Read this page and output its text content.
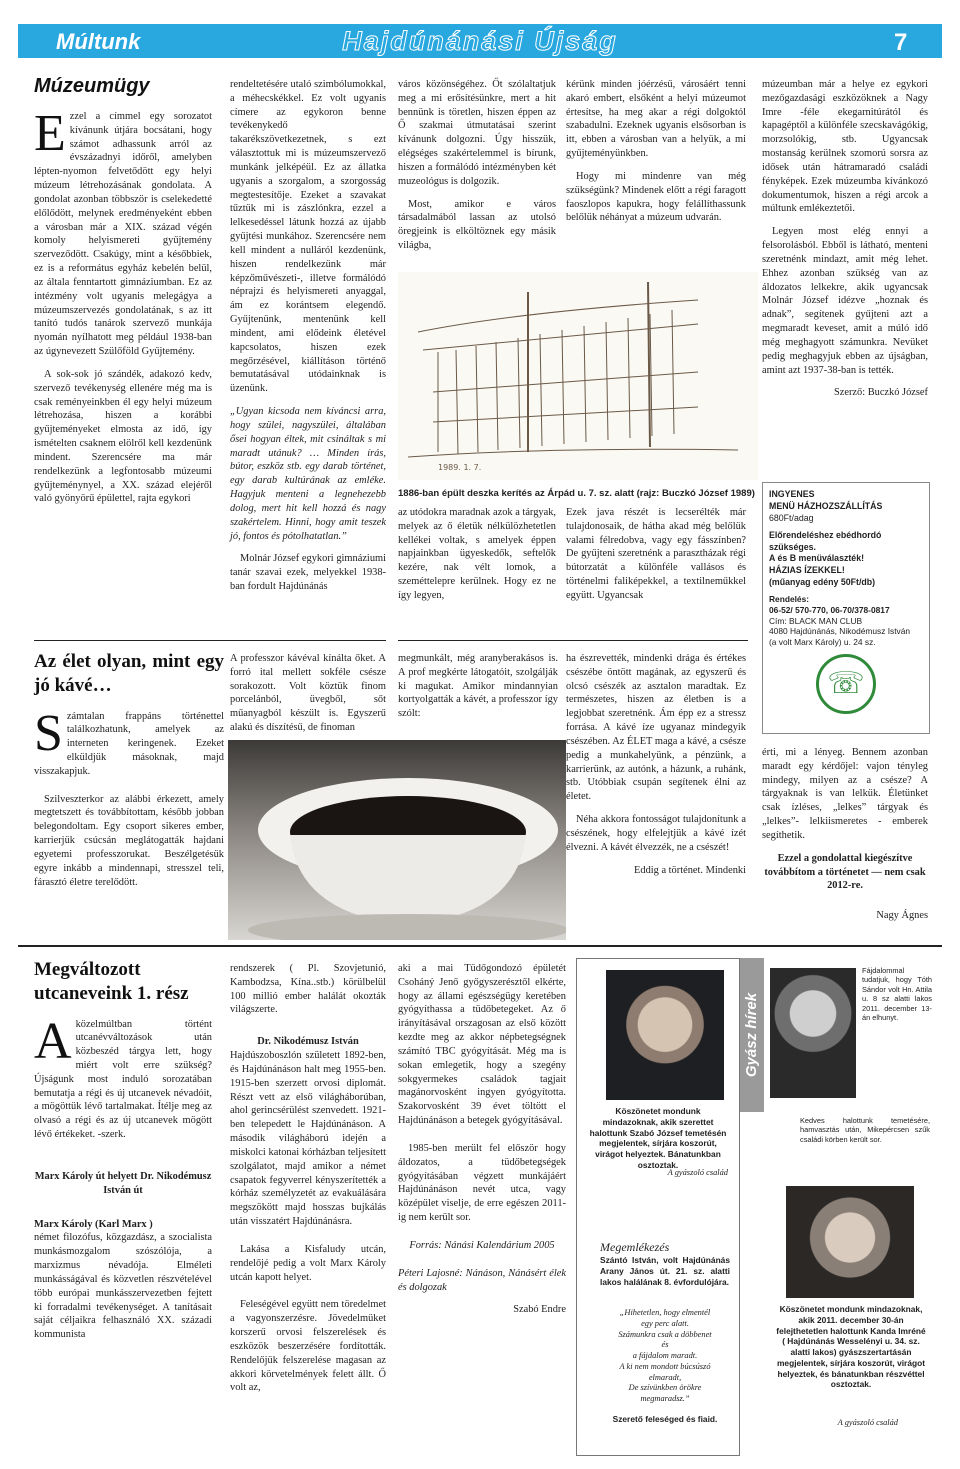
Múltunk	Hajdúnánási Újság	7
Múzeumügy

Ezzel a címmel egy sorozatot kívánunk útjára bocsátani, hogy számot adhassunk arról az évszázadnyi időről, amelyben lépten-nyomon felvetődött egy helyi múzeum létrehozásának gondolata. A gondolat azonban többször is cselekedetté előlődött, melynek eredményeként ebben a városban már a XIX. század végén komoly helyismereti gyűjtemény szerveződött. Csakúgy, mint a későbbiek, ez is a református egyház kebelén belül, az általa fenntartott gimnáziumban. Ez az intézmény volt ugyanis melegágya a múzeumszervezés gondolatának, s az itt tanító tudós tanárok szervező munkája nyomán nyílhatott meg például 1938-ban az úgynevezett Szülőföld Gyűjtemény.

A sok-sok jó szándék, adakozó kedv, szervező tevékenység ellenére még ma is csak reményeinkben él egy helyi múzeum létrehozása, hiszen a korábbi gyűjteményeket elmosta az idő, így ismételten csaknem elölről kell kezdenünk mindent. Szerencsére ma már rendelkezünk a legfontosabb múzeumi gyűjteménynyel, a XX. század elejéről való gyönyörű épülettel, rajta egykori

rendeltetésére utaló szimbólumokkal, a méhecskékkel. Ez volt ugyanis címere az egykoron benne tevékenykedő takarékszövetkezetnek, s ezt választottuk mi is múzeumszervező munkánk jelképéül. Ez az állatka ugyanis a szorgalom, a szorgosság megtestesítője. Ezeket a szavakat tűztük mi is zászlónkra, ezzel a lelkesedéssel látunk hozzá az újabb gyűjtési munkához. Szerencsére nem kell mindent a nulláról kezdenünk, hiszen rendelkezünk már képzőművészeti-, illetve formálódó néprajzi és helyismereti anyaggal, ám ez korántsem elegendő. Gyűjtenünk, mentenünk kell mindent, ami elődeink életével kapcsolatos, hiszen ezek megőrzésével, kiállításon történő bemutatásával utódainknak is üzenünk.

„Ugyan kicsoda nem kíváncsi arra, hogy szülei, nagyszülei, általában ősei hogyan éltek, mit csináltak s mi maradt utánuk? … Minden írás, bútor, eszköz stb. egy darab történet, egy darab kultúrának az emléke. Hagyjuk menteni a legnehezebb dolog, mert hit kell hozzá és nagy szakértelem. Hinni, hogy amit teszek jó, fontos és pótolhatatlan.”

Molnár József egykori gimnáziumi tanár szavai ezek, melyekkel 1938-ban fordult Hajdúnánás

város közönségéhez. Őt szólaltatjuk meg a mi erősítésünkre, mert a hit bennünk is töretlen, hiszen éppen az Ő szakmai útmutatásai szerint kívánunk dolgozni. Úgy hisszük, elégséges szakértelemmel is bírunk, hiszen a formálódó intézményben két muzeológus is dolgozik.

Most, amikor e város társadalmából lassan az utolsó öregjeink is elköltöznek egy másik világba,

kérünk minden jóérzésű, városáért tenni akaró embert, elsőként a helyi múzeumot értesítse, ha meg akar a régi dolgoktól szabadulni. Ezeknek ugyanis elsősorban is itt, ebben a városban van a helyük, a mi gyűjteményünkben.

Hogy mi mindenre van még szükségünk? Mindenek előtt a régi faragott faoszlopos kapukra, hogy felállíthassunk belőlük néhányat a múzeum udvarán.

múzeumban már a helye ez egykori mezőgazdasági eszközöknek a Nagy Imre -féle ekegarnitúrától és kapagéptől a különféle szecskavágókig, morzsolókig, stb. Ugyancsak mostanság kerülnek szomorú sorsra az idősek után hátramaradó családi fényképek. Ezek múzeumba kívánkozó dokumentumok, hiszen a régi arcok a múltunk emlékeztetői.

Legyen most elég ennyi a felsorolásból. Ebből is látható, menteni szeretnénk mindazt, amit még lehet. Ehhez azonban szükség van az áldozatos lelkekre, akik ugyancsak Molnár József idézve „hoznak és adnak”, segítenek gyűjteni azt a megmaradt keveset, amit a múló idő még meghagyott számunkra. Nevüket pedig meghagyjuk ebben az újságban, amint azt 1937-38-ban is tették.

Szerző: Buczkó József

1989. 1. 7.
1886-ban épült deszka kerítés az Árpád u. 7. sz. alatt (rajz: Buczkó József 1989)

az utódokra maradnak azok a tárgyak, melyek az ő életük nélkülözhetetlen kellékei voltak, s amelyek éppen napjainkban ügyeskedők, seftelők kezére, nak vélt lomok, a szeméttelepre kerülnek. Hogy ez ne így legyen,

Ezek java részét is lecserélték már tulajdonosaik, de hátha akad még belőlük valami félredobva, vagy egy fásszínben? De gyűjteni szeretnénk a parasztházak régi bútorzatát a különféle vallásos és történelmi faliképekkel, a textilneműkkel együtt. Ugyancsak

INGYENES
MENÜ HÁZHOZSZÁLLÍTÁS
680Ft/adag
Előrendeléshez ebédhordó szükséges.
A és B menüválaszték!
HÁZIAS ÍZEKKEL!
(műanyag edény 50Ft/db)
Rendelés:
06-52/ 570-770, 06-70/378-0817
Cím: BLACK MAN CLUB
4080 Hajdúnánás, Nikodémusz István
(a volt Marx Károly) u. 24 sz.
☏
Az élet olyan, mint egy jó kávé…

Számtalan frappáns történettel találkozhatunk, amelyek az interneten keringenek. Ezeket elküldjük másoknak, majd visszakapjuk.

Szilveszterkor az alábbi érkezett, amely megtetszett és továbbítottam, később jobban belegondoltam. Egy csoport sikeres ember, karrierjük csúcsán meglátogatták hajdani egyetemi professzorukat. Beszélgetésük egyre inkább a mindennapi, stresszel teli, fárasztó életre terelődött.

A professzor kávéval kínálta őket. A forró ital mellett sokféle csésze sorakozott. Volt köztük finom porcelánból, üvegből, sőt műanyagból készült is. Egyszerű alakú és díszítésű, de finoman

megmunkált, még aranyberakásos is. A prof megkérte látogatóit, szolgálják ki magukat. Amikor mindannyian kortyolgatták a kávét, a professzor így szólt:

ha észrevették, mindenki drága és értékes csészébe öntött magának, az egyszerű és olcsó csészék az asztalon maradtak. Ez természetes, hiszen az életben is a legjobbat szeretnénk. Ám épp ez a stressz forrása. A kávé íze ugyanaz mindegyik csészében. Az ÉLET maga a kávé, a csésze pedig a munkahelyünk, a pénzünk, a karrierünk, az autónk, a házunk, a ruhánk, stb. Utóbbiak csupán segítenek élni az életet.

Néha akkora fontosságot tulajdonítunk a csészének, hogy elfelejtjük a kávé ízét élvezni. A kávét élvezzék, ne a csészét!

Eddig a történet. Mindenki

érti, mi a lényeg. Bennem azonban maradt egy kérdőjel: vajon tényleg mindegy, milyen az a csésze? A tárgyaknak is van lelkük. Életünket csak ízléses, „lelkes” tárgyak és „lelkes”- lelkiismeretes - emberek segíthetik.

Ezzel a gondolattal kiegészítve továbbítom a történetet — nem csak 2012-re.

Nagy Ágnes

Megváltozott
utcaneveink 1. rész

Aközelmúltban történt utcanévváltozások után közbeszéd tárgya lett, hogy miért volt erre szükség? Újságunk most induló sorozatában bemutatja a régi és új utcanevek névadóit, a mögöttük lévő tartalmakat. Ítélje meg az olvasó a régi és az új utcanevek mögött lévő értékeket. -szerk.

Marx Károly út helyett Dr. Nikodémusz István út

Marx Károly (Karl Marx )

német filozófus, közgazdász, a szocialista munkásmozgalom szószólója, a marxizmus névadója. Elméleti munkásságával és közvetlen részvételével több európai munkásszervezetben fejtett ki forradalmi tevékenységet. A tanításait saját céljaikra felhasználó XX. századi kommunista

rendszerek ( Pl. Szovjetunió, Kambodzsa, Kína..stb.) körülbelül 100 millió ember halálát okozták világszerte.

Dr. Nikodémusz István

Hajdúszoboszlón született 1892-ben, és Hajdúnánáson halt meg 1955-ben. 1915-ben szerzett orvosi diplomát. Részt vett az első világháborúban, ahol gerincsérülést szenvedett. 1921-ben telepedett le Hajdúnánáson. A második világháború idején a miskolci katonai kórházban teljesített szolgálatot, majd amikor a német csapatok fegyverrel kényszerítették a kórház személyzetét az evakuálására megszökött majd hosszas bujkálás után visszatért Hajdúnánásra.

Lakása a Kisfaludy utcán, rendelőjé pedig a volt Marx Károly utcán kapott helyet.

Feleségével együtt nem töredelmet a vagyonszerzésre. Jövedelmüket korszerű orvosi felszerelések és eszközök beszerzésére fordították. Rendelőjük felszerelése magasan az akkori körvetelmények felett állt. Ő volt az,

aki a mai Tüdőgondozó épületét Csoháný Jenő győgyszerésztől elkérte, hogy az állami egészségügy keretében gyógyíthassa a tüdőbetegeket. Az ő irányításával orszagosan az első között kezdte meg az akkor népbetegségnek számító TBC gyógyítását. Még ma is sokan emlegetik, hogy a szegény sokgyermekes családok tagjait magánorvosként ingyen gyógyította. Szakorvosként 39 évet töltött el Hajdúnánáson a betegek gyógyításával.

1985-ben merült fel először hogy áldozatos, a tüdőbetegségek gyógyításában végzett munkájáért Hajdúnánáson nevét utca, vagy középület viselje, de erre egészen 2011-ig nem került sor.

Forrás: Nánási Kalendárium 2005

Péteri Lajosné: Nánáson, Nánásért élek és dolgozak

Szabó Endre

Köszönetet mondunk mindazoknak, akik szerettet halottunk Szabó József temetésén megjelentek, sírjára koszorút, virágot helyeztek. Bánatunkban osztoztak.
A gyászoló család
Megemlékezés
Szántó István, volt Hajdúnánás Arany János út. 21. sz. alatti lakos halálának 8. évfordulójára.
„Hihetetlen, hogy elmentél
egy perc alatt.
Számunkra csak a döbbenet
és
a fájdalom maradt.
A ki nem mondott búcsúszó
elmaradt,
De szívünkben örökre
megmaradsz.”
Szerető feleséged és fiaid.
Gyász hírek
Fájdalommal tudatjuk, hogy Tóth Sándor volt Hn. Attila u. 8 sz alatti lakos 2011. december 13-án elhunyt.
Kedves halottunk temetésére, hamvasztás után, Mikepércsen szűk családi körben került sor.
Köszönetet mondunk mindazoknak, akik 2011. december 30-án felejthetetlen halottunk Kanda Imréné ( Hajdúnánás Wesselényi u. 34. sz. alatti lakos) gyászszertartásán megjelentek, sírjára koszorút, virágot helyeztek, és bánatunkban részvéttel osztoztak.
A gyászoló család
